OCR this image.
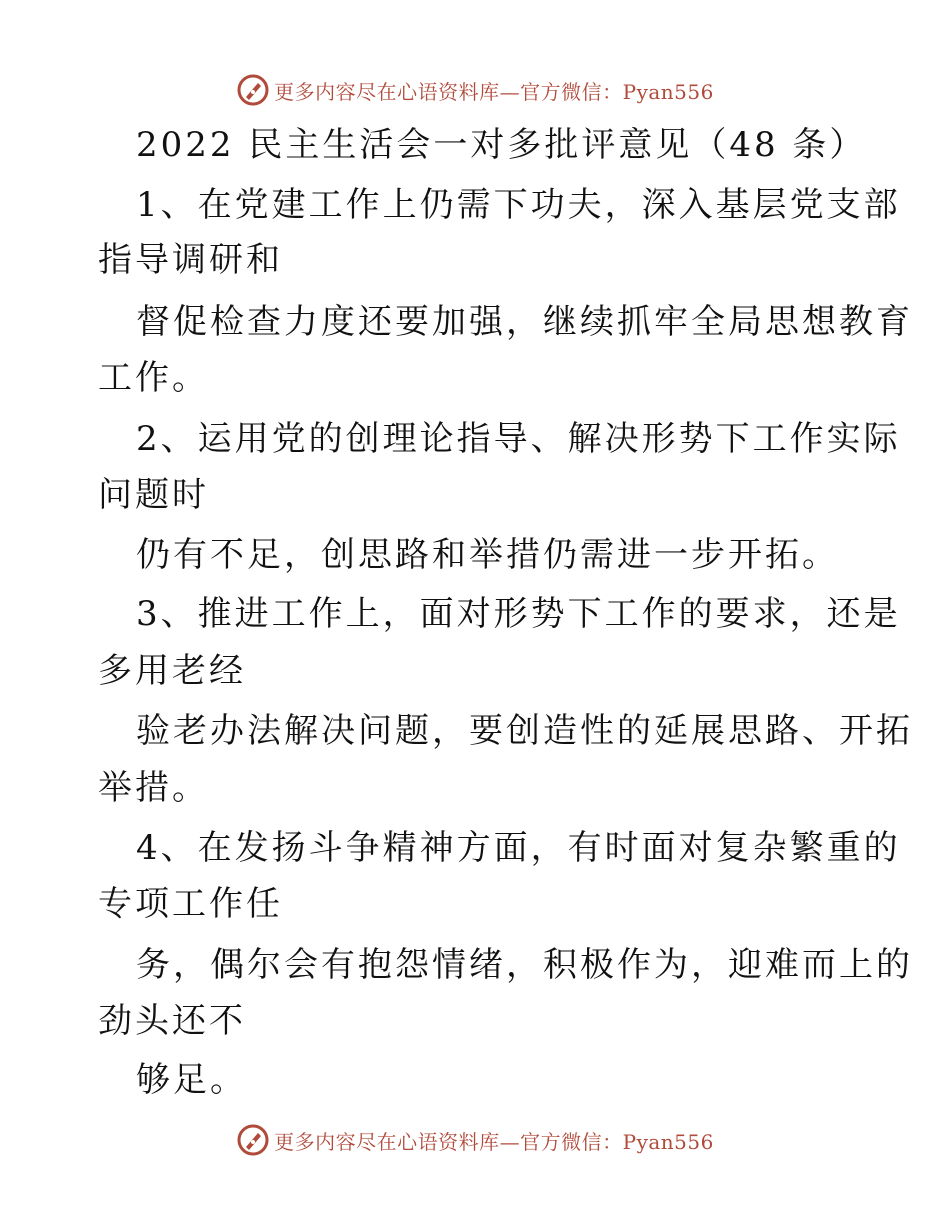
更多内容尽在心语资料库—官方微信：Pyan556
2022 民主生活会一对多批评意见（48 条）
1、在党建工作上仍需下功夫，深入基层党支部
指导调研和
督促检查力度还要加强，继续抓牢全局思想教育
工作。
2、运用党的创理论指导、解决形势下工作实际
问题时
仍有不足，创思路和举措仍需进一步开拓。
3、推进工作上，面对形势下工作的要求，还是
多用老经
验老办法解决问题，要创造性的延展思路、开拓
举措。
4、在发扬斗争精神方面，有时面对复杂繁重的
专项工作任
务，偶尔会有抱怨情绪，积极作为，迎难而上的
劲头还不
够足。
更多内容尽在心语资料库—官方微信：Pyan556
